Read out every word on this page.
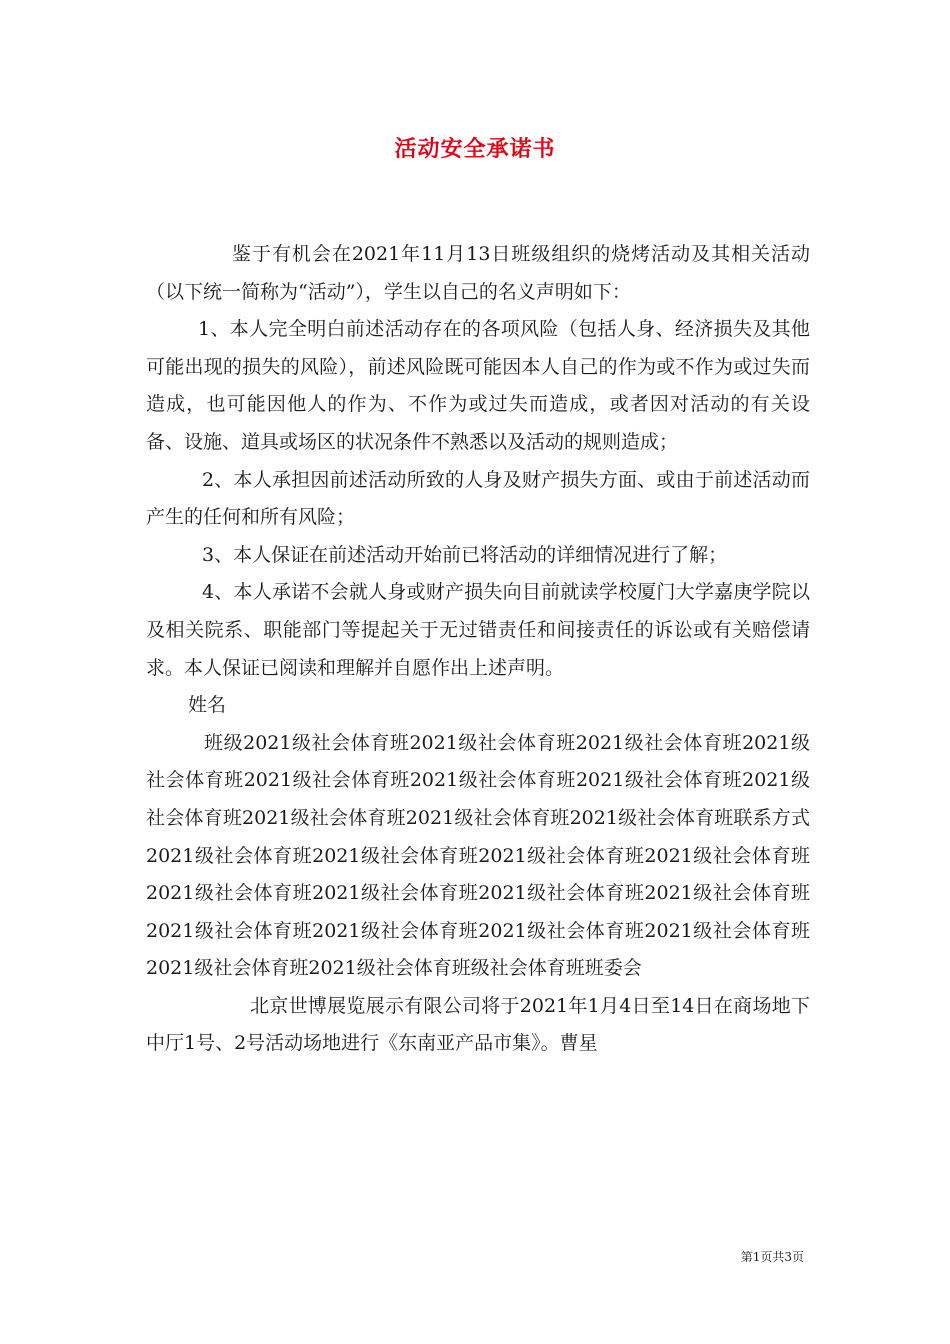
活动安全承诺书

鉴于有机会在2021年11月13日班级组织的烧烤活动及其相关活动（以下统一简称为“活动”），学生以自己的名义声明如下：

1、本人完全明白前述活动存在的各项风险（包括人身、经济损失及其他可能出现的损失的风险），前述风险既可能因本人自己的作为或不作为或过失而造成，也可能因他人的作为、不作为或过失而造成，或者因对活动的有关设备、设施、道具或场区的状况条件不熟悉以及活动的规则造成；

2、本人承担因前述活动所致的人身及财产损失方面、或由于前述活动而产生的任何和所有风险；

3、本人保证在前述活动开始前已将活动的详细情况进行了解；

4、本人承诺不会就人身或财产损失向目前就读学校厦门大学嘉庚学院以及相关院系、职能部门等提起关于无过错责任和间接责任的诉讼或有关赔偿请求。本人保证已阅读和理解并自愿作出上述声明。

姓名

班级2021级社会体育班2021级社会体育班2021级社会体育班2021级社会体育班2021级社会体育班2021级社会体育班2021级社会体育班2021级社会体育班2021级社会体育班2021级社会体育班2021级社会体育班联系方式2021级社会体育班2021级社会体育班2021级社会体育班2021级社会体育班2021级社会体育班2021级社会体育班2021级社会体育班2021级社会体育班2021级社会体育班2021级社会体育班2021级社会体育班2021级社会体育班2021级社会体育班2021级社会体育班级社会体育班班委会

北京世博展览展示有限公司将于2021年1月4日至14日在商场地下中厅1号、2号活动场地进行《东南亚产品市集》。曹星

第1页共3页
